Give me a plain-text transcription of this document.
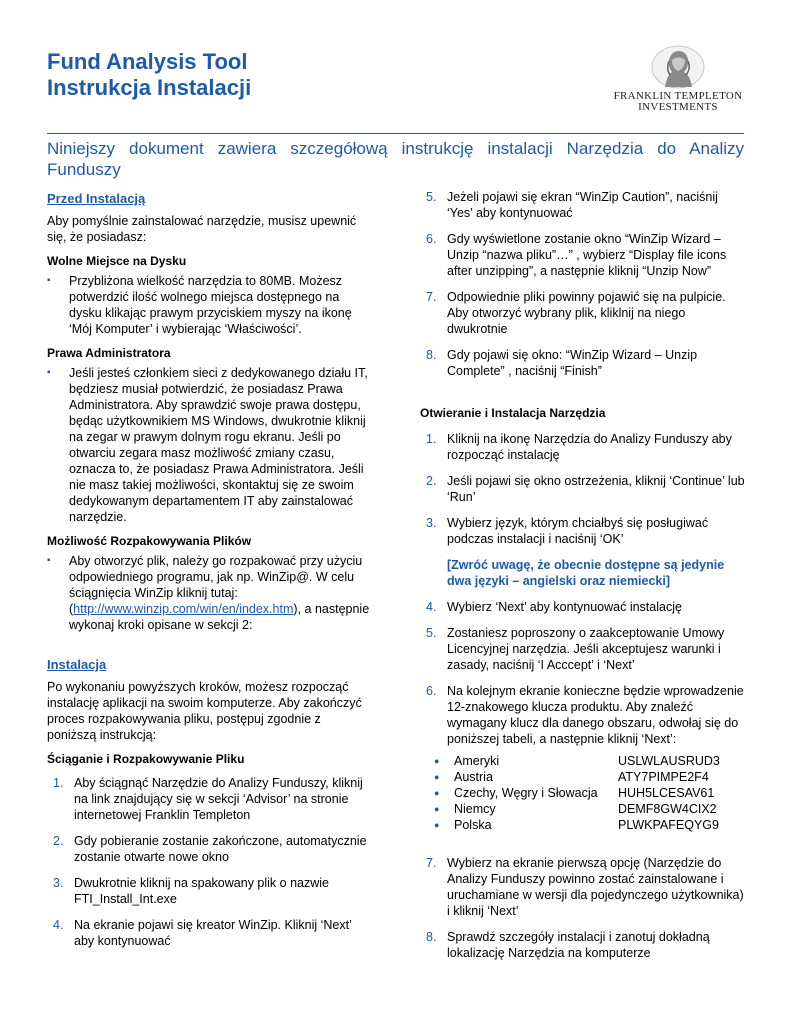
Fund Analysis Tool
Instrukcja Instalacji	FRANKLIN TEMPLETON
INVESTMENTS
Niniejszy dokument zawiera szczegółową instrukcję instalacji Narzędzia do Analizy Funduszy
Przed Instalacją

Aby pomyślnie zainstalować narzędzie, musisz upewnić się, że posiadasz:

Wolne Miejsce na Dysku
▪ Przybliżona wielkość narzędzia to 80MB. Możesz potwerdzić ilość wolnego miejsca dostępnego na dysku klikając prawym przyciskiem myszy na ikonę ‘Mój Komputer’ i wybierając ‘Właściwości’.
Prawa Administratora
▪ Jeśli jesteś członkiem sieci z dedykowanego działu IT, będziesz musiał potwierdzić, że posiadasz Prawa Administratora. Aby sprawdzić swoje prawa dostępu, będąc użytkownikiem MS Windows, dwukrotnie kliknij na zegar w prawym dolnym rogu ekranu. Jeśli po otwarciu zegara masz możliwość zmiany czasu, oznacza to, że posiadasz Prawa Administratora. Jeśli nie masz takiej możliwości, skontaktuj się ze swoim dedykowanym departamentem IT aby zainstalować narzędzie.
Możliwość Rozpakowywania Plików
▪ Aby otworzyć plik, należy go rozpakować przy użyciu odpowiedniego programu, jak np. WinZip@. W celu ściągnięcia WinZip kliknij tutaj: (http://www.winzip.com/win/en/index.htm), a następnie wykonaj kroki opisane w sekcji 2:
Instalacja

Po wykonaniu powyższych kroków, możesz rozpocząć instalację aplikacji na swoim komputerze. Aby zakończyć proces rozpakowywania pliku, postępuj zgodnie z poniższą instrukcją:

Ściąganie i Rozpakowywanie Pliku
1. Aby ściągnąć Narzędzie do Analizy Funduszy, kliknij na link znajdujący się w sekcji ‘Advisor’ na stronie internetowej Franklin Templeton
2. Gdy pobieranie zostanie zakończone, automatycznie zostanie otwarte nowe okno
3. Dwukrotnie kliknij na spakowany plik o nazwie FTI_Install_Int.exe
4. Na ekranie pojawi się kreator WinZip. Kliknij ‘Next’ aby kontynuować
5. Jeżeli pojawi się ekran “WinZip Caution”, naciśnij ‘Yes’ aby kontynuować
6. Gdy wyświetlone zostanie okno “WinZip Wizard – Unzip “nazwa pliku”…” , wybierz “Display file icons after unzipping”, a następnie kliknij “Unzip Now”
7. Odpowiednie pliki powinny pojawić się na pulpicie. Aby otworzyć wybrany plik, kliklnij na niego dwukrotnie
8. Gdy pojawi się okno: “WinZip Wizard – Unzip Complete” , naciśnij “Finish”
Otwieranie i Instalacja Narzędzia
1. Kliknij na ikonę Narzędzia do Analizy Funduszy aby rozpocząć instalację
2. Jeśli pojawi się okno ostrzeżenia, kliknij ‘Continue’ lub ‘Run’
3. Wybierz język, którym chciałbyś się posługiwać podczas instalacji i naciśnij ‘OK’
[Zwróć uwagę, że obecnie dostępne są jedynie dwa języki – angielski oraz niemiecki]
4. Wybierz ‘Next’ aby kontynuować instalację
5. Zostaniesz poproszony o zaakceptowanie Umowy Licencyjnej narzędzia. Jeśli akceptujesz warunki i zasady, naciśnij ‘I Acccept’ i ‘Next’
6. Na kolejnym ekranie konieczne będzie wprowadzenie 12-znakowego klucza produktu. Aby znaleźć wymagany klucz dla danego obszaru, odwołaj się do poniższej tabeli, a następnie kliknij ‘Next’:
●	Ameryki	USLWLAUSRUD3
●	Austria	ATY7PIMPE2F4
●	Czechy, Węgry i Słowacja	HUH5LCESAV61
●	Niemcy	DEMF8GW4CIX2
●	Polska	PLWKPAFEQYG9
7. Wybierz na ekranie pierwszą opcję (Narzędzie do Analizy Funduszy powinno zostać zainstalowane i uruchamiane w wersji dla pojedynczego użytkownika) i kliknij ‘Next’
8. Sprawdź szczegóły instalacji i zanotuj dokładną lokalizację Narzędzia na komputerze
